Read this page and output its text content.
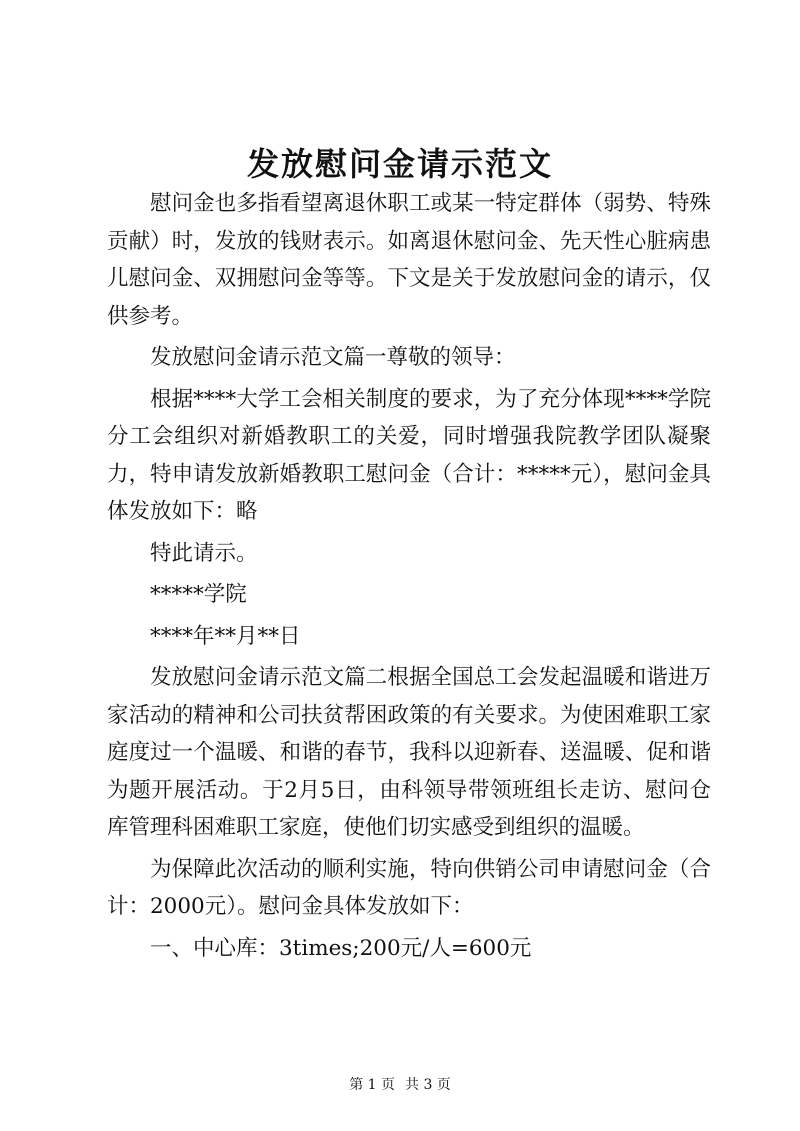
发放慰问金请示范文

慰问金也多指看望离退休职工或某一特定群体（弱势、特殊贡献）时，发放的钱财表示。如离退休慰问金、先天性心脏病患儿慰问金、双拥慰问金等等。下文是关于发放慰问金的请示，仅供参考。

发放慰问金请示范文篇一尊敬的领导：

根据****大学工会相关制度的要求，为了充分体现****学院分工会组织对新婚教职工的关爱，同时增强我院教学团队凝聚力，特申请发放新婚教职工慰问金（合计：*****元），慰问金具体发放如下：略

特此请示。

*****学院

****年**月**日

发放慰问金请示范文篇二根据全国总工会发起温暖和谐进万家活动的精神和公司扶贫帮困政策的有关要求。为使困难职工家庭度过一个温暖、和谐的春节，我科以迎新春、送温暖、促和谐为题开展活动。于2月5日，由科领导带领班组长走访、慰问仓库管理科困难职工家庭，使他们切实感受到组织的温暖。

为保障此次活动的顺利实施，特向供销公司申请慰问金（合计：2000元）。慰问金具体发放如下：

一、中心库：3times;200元/人=600元

第 1 页 共 3 页
